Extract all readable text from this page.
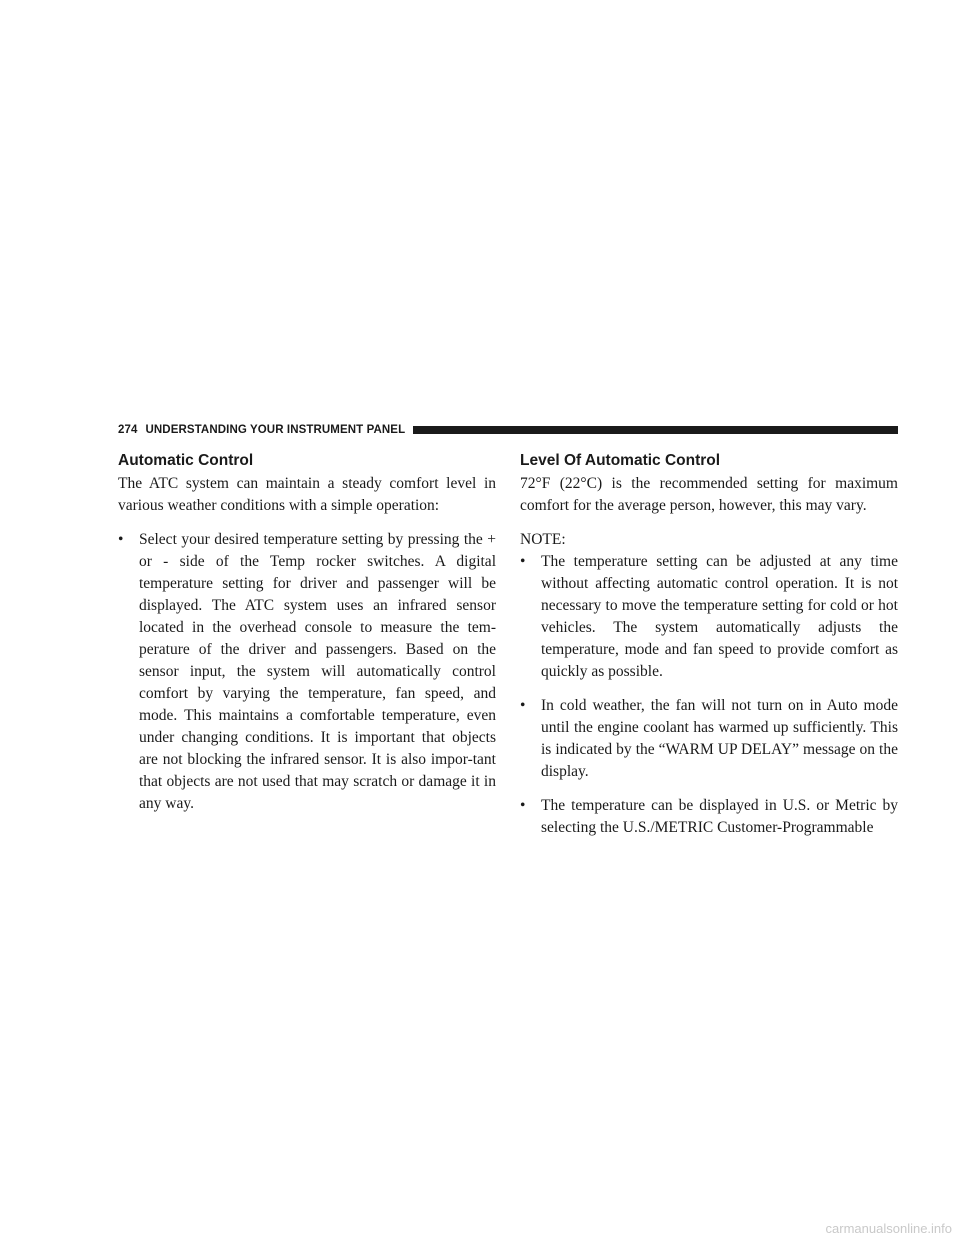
274 UNDERSTANDING YOUR INSTRUMENT PANEL
Automatic Control

The ATC system can maintain a steady comfort level in various weather conditions with a simple operation:

•	Select your desired temperature setting by pressing the + or - side of the Temp rocker switches. A digital temperature setting for driver and passenger will be displayed. The ATC system uses an infrared sensor located in the overhead console to measure the tem-perature of the driver and passengers. Based on the sensor input, the system will automatically control comfort by varying the temperature, fan speed, and mode. This maintains a comfortable temperature, even under changing conditions. It is important that objects are not blocking the infrared sensor. It is also impor-tant that objects are not used that may scratch or damage it in any way.

Level Of Automatic Control

72°F (22°C) is the recommended setting for maximum comfort for the average person, however, this may vary.

NOTE:

•	The temperature setting can be adjusted at any time without affecting automatic control operation. It is not necessary to move the temperature setting for cold or hot vehicles. The system automatically adjusts the temperature, mode and fan speed to provide comfort as quickly as possible.

•	In cold weather, the fan will not turn on in Auto mode until the engine coolant has warmed up sufficiently. This is indicated by the “WARM UP DELAY” message on the display.

•	The temperature can be displayed in U.S. or Metric by selecting the U.S./METRIC Customer-Programmable

carmanualsonline.info
